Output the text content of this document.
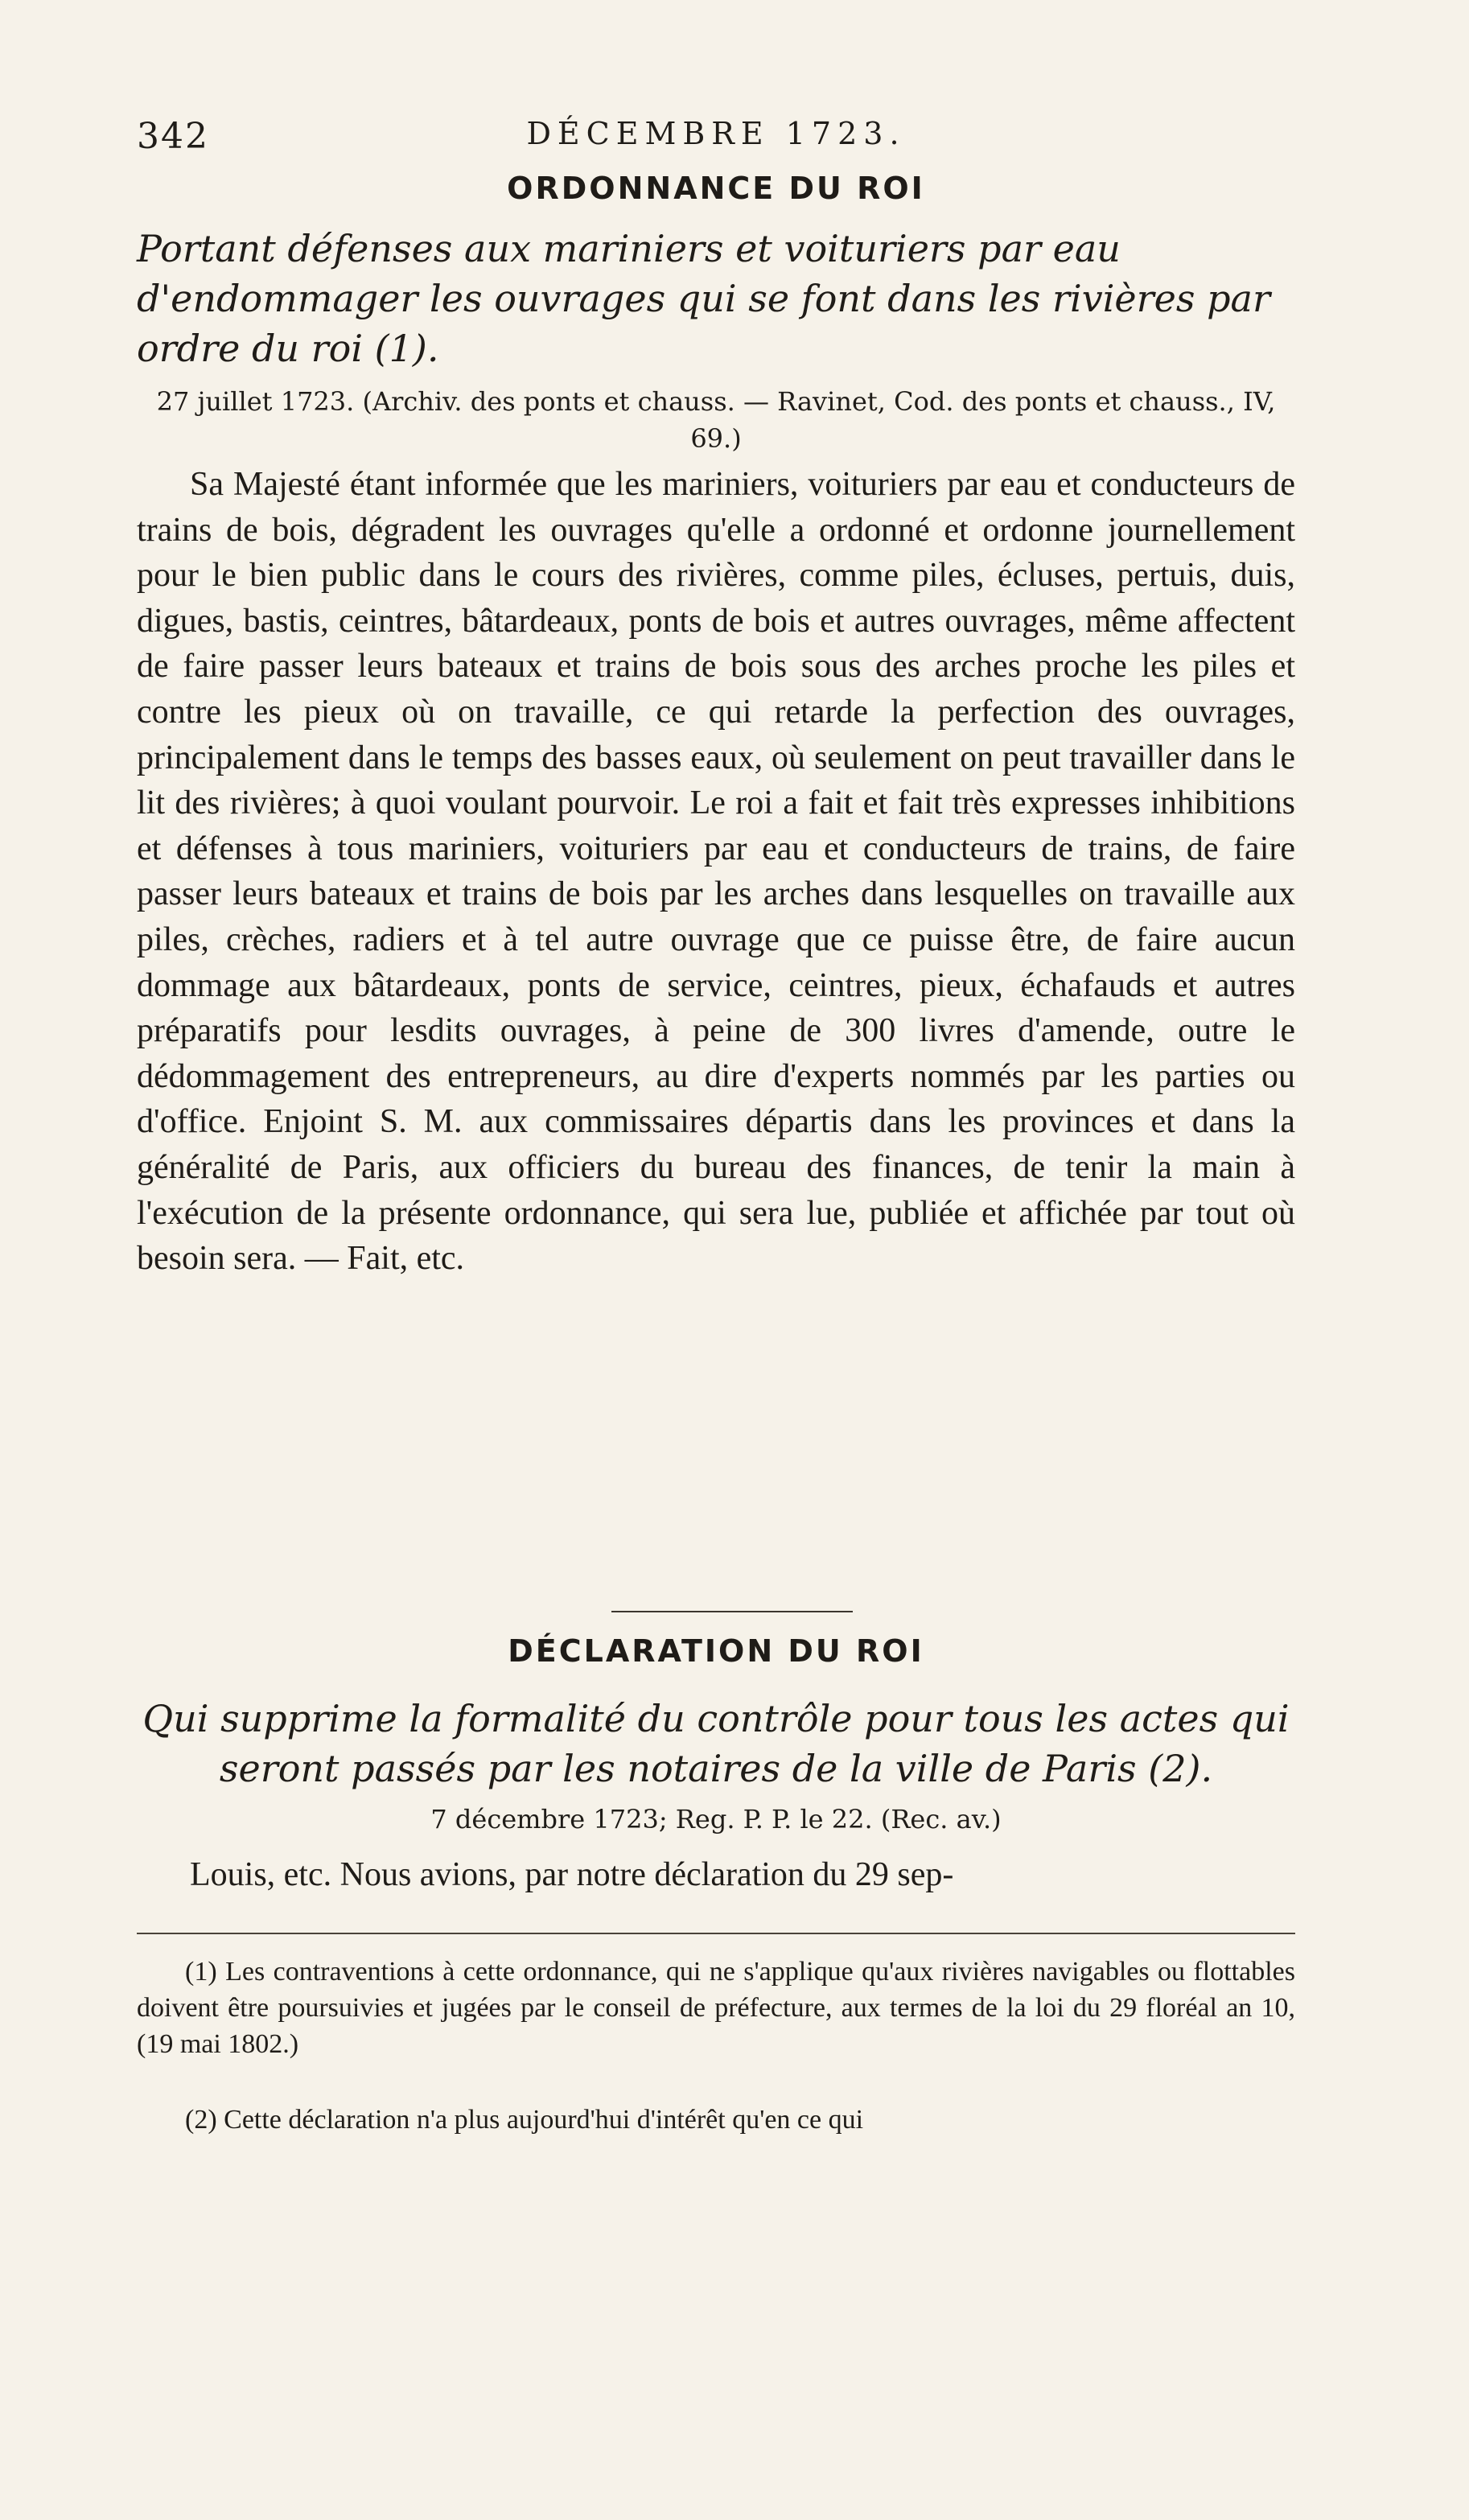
342	DÉCEMBRE 1723.
ORDONNANCE DU ROI
Portant défenses aux mariniers et voituriers par eau d'endommager les ouvrages qui se font dans les rivières par ordre du roi (1).
27 juillet 1723. (Archiv. des ponts et chauss. — Ravinet, Cod. des ponts et chauss., IV, 69.)

Sa Majesté étant informée que les mariniers, voituriers par eau et conducteurs de trains de bois, dégradent les ouvrages qu'elle a ordonné et ordonne journellement pour le bien public dans le cours des rivières, comme piles, écluses, pertuis, duis, digues, bastis, ceintres, bâtardeaux, ponts de bois et autres ouvrages, même affectent de faire passer leurs bateaux et trains de bois sous des arches proche les piles et contre les pieux où on travaille, ce qui retarde la perfection des ouvrages, principalement dans le temps des basses eaux, où seulement on peut travailler dans le lit des rivières; à quoi voulant pourvoir. Le roi a fait et fait très expresses inhibitions et défenses à tous mariniers, voituriers par eau et conducteurs de trains, de faire passer leurs bateaux et trains de bois par les arches dans lesquelles on travaille aux piles, crèches, radiers et à tel autre ouvrage que ce puisse être, de faire aucun dommage aux bâtardeaux, ponts de service, ceintres, pieux, échafauds et autres préparatifs pour lesdits ouvrages, à peine de 300 livres d'amende, outre le dédommagement des entrepreneurs, au dire d'experts nommés par les parties ou d'office. Enjoint S. M. aux commissaires départis dans les provinces et dans la généralité de Paris, aux officiers du bureau des finances, de tenir la main à l'exécution de la présente ordonnance, qui sera lue, publiée et affichée par tout où besoin sera. — Fait, etc.

DÉCLARATION DU ROI
Qui supprime la formalité du contrôle pour tous les actes qui seront passés par les notaires de la ville de Paris (2).
7 décembre 1723; Reg. P. P. le 22. (Rec. av.)

Louis, etc. Nous avions, par notre déclaration du 29 sep-

(1) Les contraventions à cette ordonnance, qui ne s'applique qu'aux rivières navigables ou flottables doivent être poursuivies et jugées par le conseil de préfecture, aux termes de la loi du 29 floréal an 10, (19 mai 1802.)

(2) Cette déclaration n'a plus aujourd'hui d'intérêt qu'en ce qui
